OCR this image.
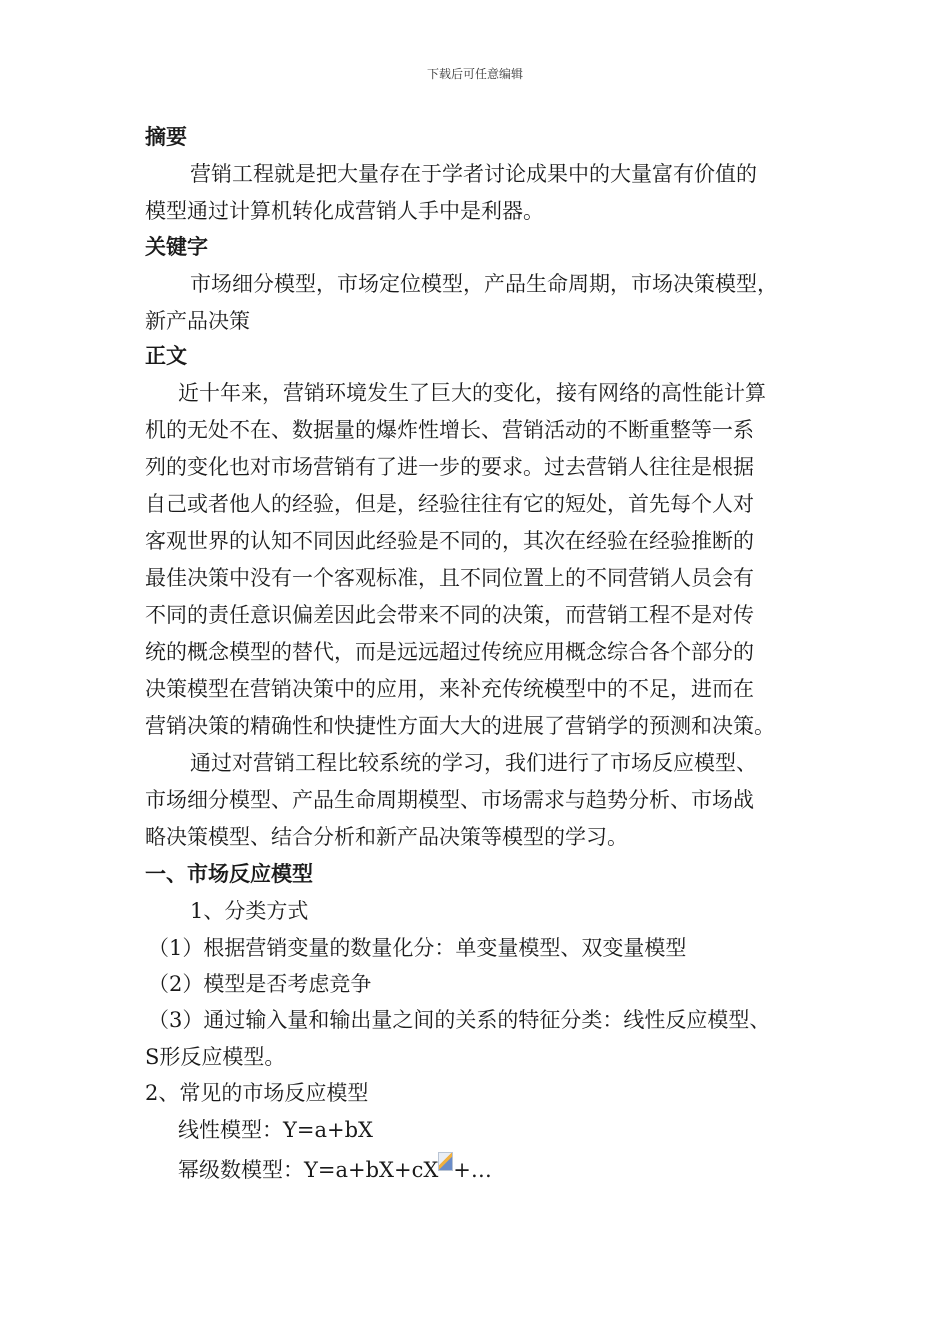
下载后可任意编辑
摘要
营销工程就是把大量存在于学者讨论成果中的大量富有价值的
模型通过计算机转化成营销人手中是利器。
关键字
市场细分模型，市场定位模型，产品生命周期，市场决策模型，
新产品决策
正文
近十年来，营销环境发生了巨大的变化，接有网络的高性能计算
机的无处不在、数据量的爆炸性增长、营销活动的不断重整等一系
列的变化也对市场营销有了进一步的要求。过去营销人往往是根据
自己或者他人的经验，但是，经验往往有它的短处，首先每个人对
客观世界的认知不同因此经验是不同的，其次在经验在经验推断的
最佳决策中没有一个客观标准，且不同位置上的不同营销人员会有
不同的责任意识偏差因此会带来不同的决策，而营销工程不是对传
统的概念模型的替代，而是远远超过传统应用概念综合各个部分的
决策模型在营销决策中的应用，来补充传统模型中的不足，进而在
营销决策的精确性和快捷性方面大大的进展了营销学的预测和决策。
通过对营销工程比较系统的学习，我们进行了市场反应模型、
市场细分模型、产品生命周期模型、市场需求与趋势分析、市场战
略决策模型、结合分析和新产品决策等模型的学习。
一、市场反应模型
1、分类方式
（1）根据营销变量的数量化分：单变量模型、双变量模型
（2）模型是否考虑竞争
（3）通过输入量和输出量之间的关系的特征分类：线性反应模型、
S形反应模型。
2、常见的市场反应模型
线性模型：Y=a+bX
幂级数模型：Y=a+bX+cX +…
